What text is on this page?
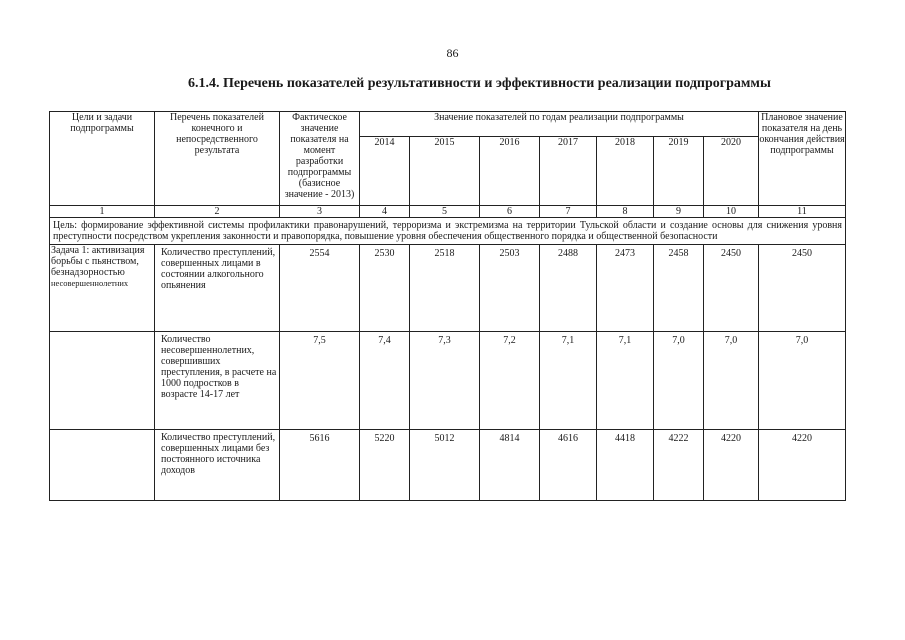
86
6.1.4. Перечень показателей результативности и эффективности реализации подпрограммы
Цели и задачи подпрограммы	Перечень показателей конечного и непосредственного результата	Фактическое значение показателя на момент разработки подпрограммы (базисное значение - 2013)	Значение показателей по годам реализации подпрограммы							Плановое значение показателя на день окончания действия подпрограммы
			2014	2015	2016	2017	2018	2019	2020	
1	2	3	4	5	6	7	8	9	10	11
Цель: формирование эффективной системы профилактики правонарушений, терроризма и экстремизма на территории Тульской области и создание основы для снижения уровня преступности посредством укрепления законности и правопорядка, повышение уровня обеспечения общественного порядка и общественной безопасности										
Задача 1: активизация борьбы с пьянством, безнадзорностью
несовершеннолетних	Количество преступлений, совершенных лицами в состоянии алкогольного опьянения	2554	2530	2518	2503	2488	2473	2458	2450	2450
	Количество несовершеннолетних, совершивших преступления, в расчете на 1000 подростков в возрасте 14-17 лет	7,5	7,4	7,3	7,2	7,1	7,1	7,0	7,0	7,0
	Количество преступлений, совершенных лицами без постоянного источника доходов	5616	5220	5012	4814	4616	4418	4222	4220	4220
